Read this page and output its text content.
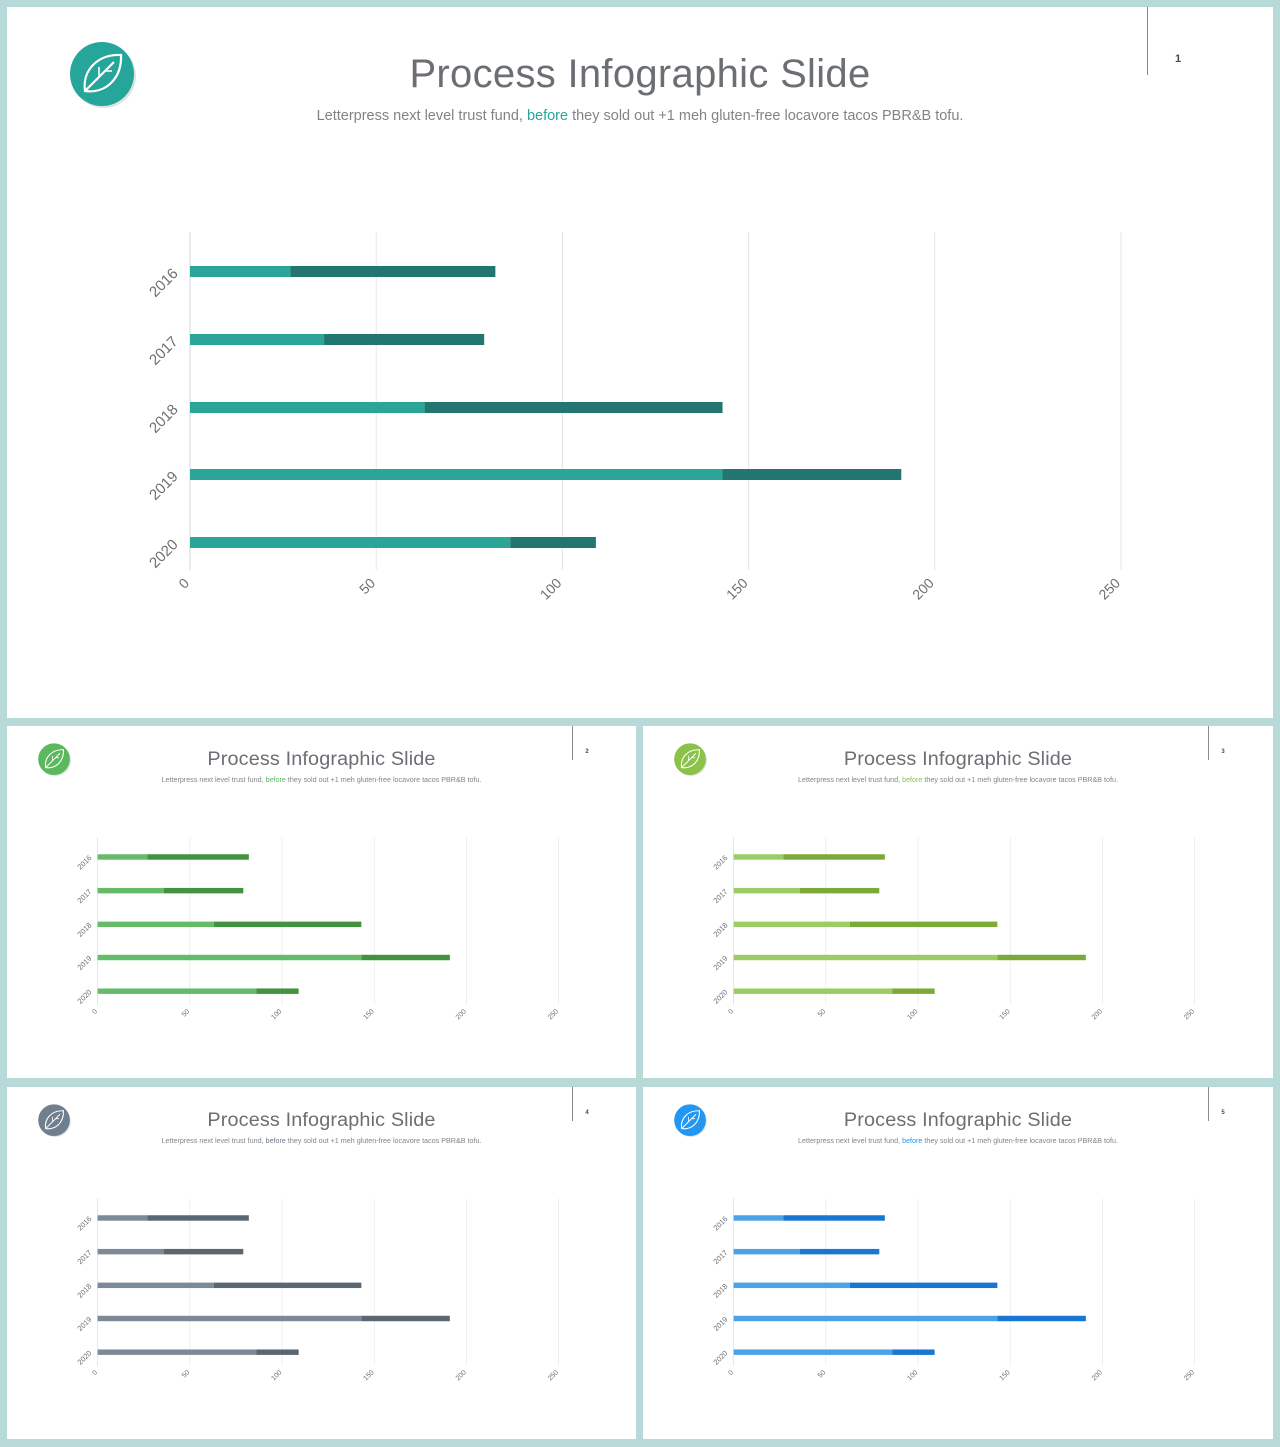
0	50	100	150	200	250
2016
2017
2018
2019
2020
Process Infographic Slide
Letterpress next level trust fund, before they sold out +1 meh gluten-free locavore tacos PBR&B tofu.
1
0	50	100	150	200	250
2016
2017
2018
2019
2020
Process Infographic Slide
Letterpress next level trust fund, before they sold out +1 meh gluten-free locavore tacos PBR&B tofu.
2
0	50	100	150	200	250
2016
2017
2018
2019
2020
Process Infographic Slide
Letterpress next level trust fund, before they sold out +1 meh gluten-free locavore tacos PBR&B tofu.
3
0	50	100	150	200	250
2016
2017
2018
2019
2020
Process Infographic Slide
Letterpress next level trust fund, before they sold out +1 meh gluten-free locavore tacos PBR&B tofu.
4
0	50	100	150	200	250
2016
2017
2018
2019
2020
Process Infographic Slide
Letterpress next level trust fund, before they sold out +1 meh gluten-free locavore tacos PBR&B tofu.
5
